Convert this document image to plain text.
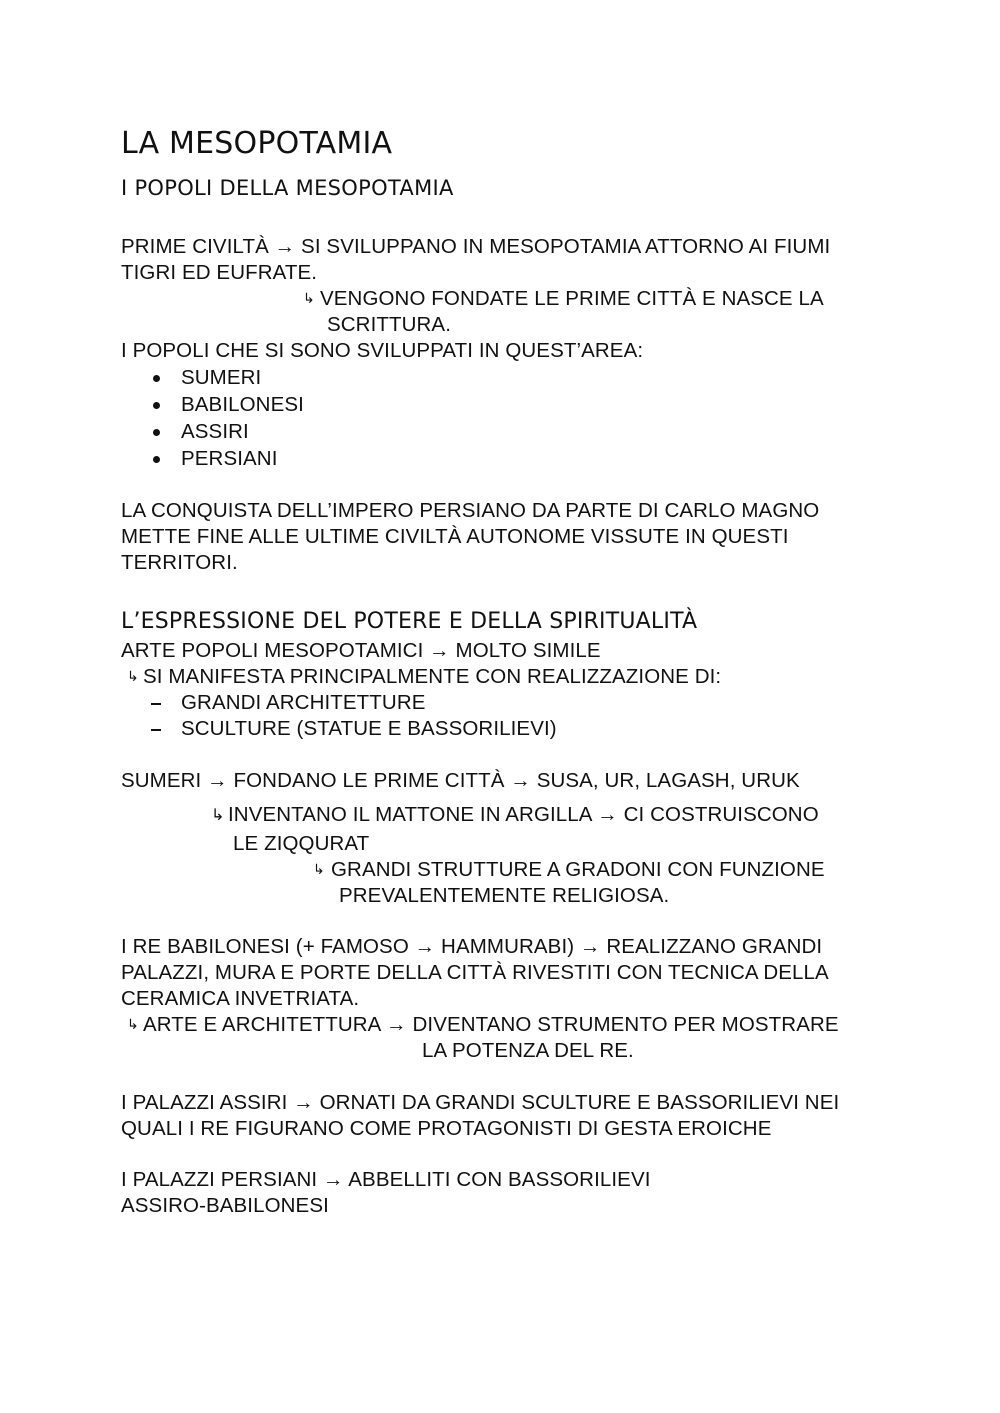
LA MESOPOTAMIA
I POPOLI DELLA MESOPOTAMIA
PRIME CIVILTÀ → SI SVILUPPANO IN MESOPOTAMIA ATTORNO AI FIUMI
TIGRI ED EUFRATE.
↳ VENGONO FONDATE LE PRIME CITTÀ E NASCE LA
SCRITTURA.
I POPOLI CHE SI SONO SVILUPPATI IN QUEST’AREA:
SUMERI
BABILONESI
ASSIRI
PERSIANI
LA CONQUISTA DELL’IMPERO PERSIANO DA PARTE DI CARLO MAGNO
METTE FINE ALLE ULTIME CIVILTÀ AUTONOME VISSUTE IN QUESTI
TERRITORI.
L’ESPRESSIONE DEL POTERE E DELLA SPIRITUALITÀ
ARTE POPOLI MESOPOTAMICI → MOLTO SIMILE
↳ SI MANIFESTA PRINCIPALMENTE CON REALIZZAZIONE DI:
GRANDI ARCHITETTURE
SCULTURE (STATUE E BASSORILIEVI)
SUMERI → FONDANO LE PRIME CITTÀ → SUSA, UR, LAGASH, URUK
↳ INVENTANO IL MATTONE IN ARGILLA → CI COSTRUISCONO
LE ZIQQURAT
↳ GRANDI STRUTTURE A GRADONI CON FUNZIONE
PREVALENTEMENTE RELIGIOSA.
I RE BABILONESI (+ FAMOSO → HAMMURABI) → REALIZZANO GRANDI
PALAZZI, MURA E PORTE DELLA CITTÀ RIVESTITI CON TECNICA DELLA
CERAMICA INVETRIATA.
↳ ARTE E ARCHITETTURA → DIVENTANO STRUMENTO PER MOSTRARE
LA POTENZA DEL RE.
I PALAZZI ASSIRI → ORNATI DA GRANDI SCULTURE E BASSORILIEVI NEI
QUALI I RE FIGURANO COME PROTAGONISTI DI GESTA EROICHE
I PALAZZI PERSIANI → ABBELLITI CON BASSORILIEVI
ASSIRO-BABILONESI
